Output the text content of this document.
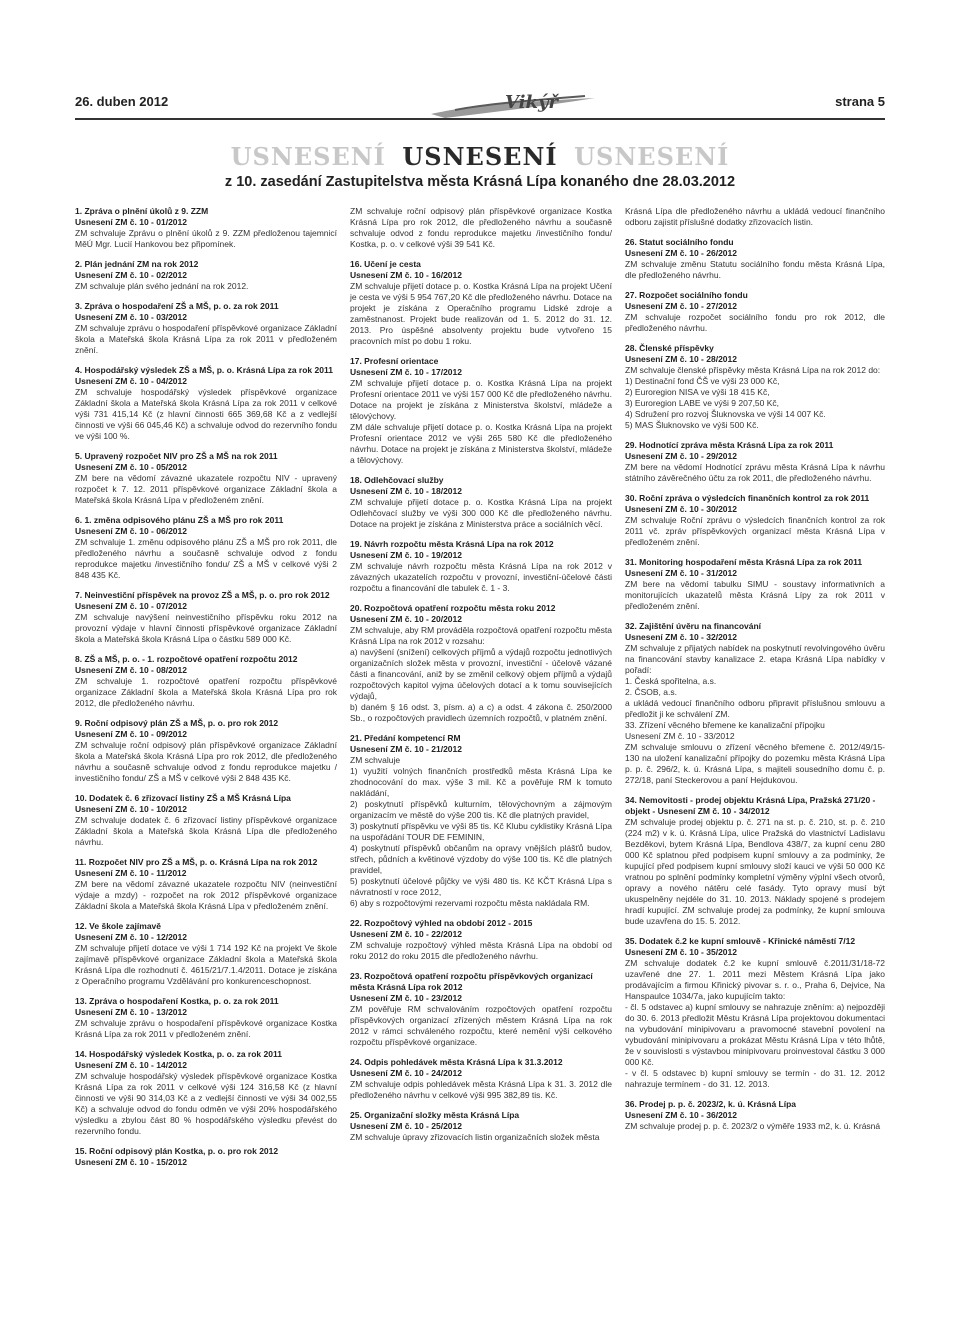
26. duben 2012	Vikýř	strana 5
USNESENÍ USNESENÍ USNESENÍ
z 10. zasedání Zastupitelstva města Krásná Lípa konaného dne 28.03.2012
1. Zpráva o plnění úkolů z 9. ZZM
Usnesení ZM č. 10 - 01/2012
ZM schvaluje Zprávu o plnění úkolů z 9. ZZM předloženou tajemnicí MěÚ Mgr. Lucií Hankovou bez připomínek.
2. Plán jednání ZM na rok 2012
Usnesení ZM č. 10 - 02/2012
ZM schvaluje plán svého jednání na rok 2012.
3. Zpráva o hospodaření ZŠ a MŠ, p. o. za rok 2011
Usnesení ZM č. 10 - 03/2012
ZM schvaluje zprávu o hospodaření příspěvkové organizace Základní škola a Mateřská škola Krásná Lípa za rok 2011 v předloženém znění.
4. Hospodářský výsledek ZŠ a MŠ, p. o. Krásná Lípa za rok 2011
Usnesení ZM č. 10 - 04/2012
ZM schvaluje hospodářský výsledek příspěvkové organizace Základní škola a Mateřská škola Krásná Lípa za rok 2011 v celkové výši 731 415,14 Kč (z hlavní činnosti 665 369,68 Kč a z vedlejší činnosti ve výši 66 045,46 Kč) a schvaluje odvod do rezervního fondu ve výši 100 %.
5. Upravený rozpočet NIV pro ZŠ a MŠ na rok 2011
Usnesení ZM č. 10 - 05/2012
ZM bere na vědomí závazné ukazatele rozpočtu NIV - upravený rozpočet k 7. 12. 2011 příspěvkové organizace Základní škola a Mateřská škola Krásná Lípa v předloženém znění.
6. 1. změna odpisového plánu ZŠ a MŠ pro rok 2011
Usnesení ZM č. 10 - 06/2012
ZM schvaluje 1. změnu odpisového plánu ZŠ a MŠ pro rok 2011, dle předloženého návrhu a současně schvaluje odvod z fondu reprodukce majetku /investičního fondu/ ZŠ a MŠ v celkové výši 2 848 435 Kč.
7. Neinvestiční příspěvek na provoz ZŠ a MŠ, p. o. pro rok 2012
Usnesení ZM č. 10 - 07/2012
ZM schvaluje navýšení neinvestičního příspěvku roku 2012 na provozní výdaje v hlavní činnosti příspěvkové organizace Základní škola a Mateřská škola Krásná Lípa o částku 589 000 Kč.
8. ZŠ a MŠ, p. o. - 1. rozpočtové opatření rozpočtu 2012
Usnesení ZM č. 10 - 08/2012
ZM schvaluje 1. rozpočtové opatření rozpočtu příspěvkové organizace Základní škola a Mateřská škola Krásná Lípa pro rok 2012, dle předloženého návrhu.
9. Roční odpisový plán ZŠ a MŠ, p. o. pro rok 2012
Usnesení ZM č. 10 - 09/2012
ZM schvaluje roční odpisový plán příspěvkové organizace Základní škola a Mateřská škola Krásná Lípa pro rok 2012, dle předloženého návrhu a současně schvaluje odvod z fondu reprodukce majetku / investičního fondu/ ZŠ a MŠ v celkové výši 2 848 435 Kč.
10. Dodatek č. 6 zřizovací listiny ZŠ a MŠ Krásná Lípa
Usnesení ZM č. 10 - 10/2012
ZM schvaluje dodatek č. 6 zřizovací listiny příspěvkové organizace Základní škola a Mateřská škola Krásná Lípa dle předloženého návrhu.
11. Rozpočet NIV pro ZŠ a MŠ, p. o. Krásná Lípa na rok 2012
Usnesení ZM č. 10 - 11/2012
ZM bere na vědomí závazné ukazatele rozpočtu NIV (neinvestiční výdaje a mzdy) - rozpočet na rok 2012 příspěvkové organizace Základní škola a Mateřská škola Krásná Lípa v předloženém znění.
12. Ve škole zajímavě
Usnesení ZM č. 10 - 12/2012
ZM schvaluje přijetí dotace ve výši 1 714 192 Kč na projekt Ve škole zajímavě příspěvkové organizace Základní škola a Mateřská škola Krásná Lípa dle rozhodnutí č. 4615/21/7.1.4/2011. Dotace je získána z Operačního programu Vzdělávání pro konkurenceschopnost.
13. Zpráva o hospodaření Kostka, p. o. za rok 2011
Usnesení ZM č. 10 - 13/2012
ZM schvaluje zprávu o hospodaření příspěvkové organizace Kostka Krásná Lípa za rok 2011 v předloženém znění.
14. Hospodářský výsledek Kostka, p. o. za rok 2011
Usnesení ZM č. 10 - 14/2012
ZM schvaluje hospodářský výsledek příspěvkové organizace Kostka Krásná Lípa za rok 2011 v celkové výši 124 316,58 Kč (z hlavní činnosti ve výši 90 314,03 Kč a z vedlejší činnosti ve výši 34 002,55 Kč) a schvaluje odvod do fondu odměn ve výši 20% hospodářského výsledku a zbylou část 80 % hospodářského výsledku převést do rezervního fondu.
15. Roční odpisový plán Kostka, p. o. pro rok 2012
Usnesení ZM č. 10 - 15/2012
ZM schvaluje roční odpisový plán příspěvkové organizace Kostka Krásná Lípa pro rok 2012, dle předloženého návrhu a současně schvaluje odvod z fondu reprodukce majetku /investičního fondu/ Kostka, p. o. v celkové výši 39 541 Kč.
16. Učení je cesta
Usnesení ZM č. 10 - 16/2012
ZM schvaluje přijetí dotace p. o. Kostka Krásná Lípa na projekt Učení je cesta ve výši 5 954 767,20 Kč dle předloženého návrhu. Dotace na projekt je získána z Operačního programu Lidské zdroje a zaměstnanost. Projekt bude realizován od 1. 5. 2012 do 31. 12. 2013. Pro úspěšné absolventy projektu bude vytvořeno 15 pracovních míst po dobu 1 roku.
17. Profesní orientace
Usnesení ZM č. 10 - 17/2012
ZM schvaluje přijetí dotace p. o. Kostka Krásná Lípa na projekt Profesní orientace 2011 ve výši 157 000 Kč dle předloženého návrhu. Dotace na projekt je získána z Ministerstva školství, mládeže a tělovýchovy.
ZM dále schvaluje přijetí dotace p. o. Kostka Krásná Lípa na projekt Profesní orientace 2012 ve výši 265 580 Kč dle předloženého návrhu. Dotace na projekt je získána z Ministerstva školství, mládeže a tělovýchovy.
18. Odlehčovací služby
Usnesení ZM č. 10 - 18/2012
ZM schvaluje přijetí dotace p. o. Kostka Krásná Lípa na projekt Odlehčovací služby ve výši 300 000 Kč dle předloženého návrhu. Dotace na projekt je získána z Ministerstva práce a sociálních věcí.
19. Návrh rozpočtu města Krásná Lípa na rok 2012
Usnesení ZM č. 10 - 19/2012
ZM schvaluje návrh rozpočtu města Krásná Lípa na rok 2012 v závazných ukazatelích rozpočtu v provozní, investiční-účelové části rozpočtu a financování dle tabulek č. 1 - 3.
20. Rozpočtová opatření rozpočtu města roku 2012
Usnesení ZM č. 10 - 20/2012
ZM schvaluje, aby RM prováděla rozpočtová opatření rozpočtu města Krásná Lípa na rok 2012 v rozsahu:
a) navýšení (snížení) celkových příjmů a výdajů rozpočtu jednotlivých organizačních složek města v provozní, investiční - účelově vázané části a financování, aniž by se změnil celkový objem příjmů a výdajů rozpočtových kapitol vyjma účelových dotací a k tomu souvisejících výdajů,
b) daném § 16 odst. 3, písm. a) a c) a odst. 4 zákona č. 250/2000 Sb., o rozpočtových pravidlech územních rozpočtů, v platném znění.
21. Předání kompetencí RM
Usnesení ZM č. 10 - 21/2012
ZM schvaluje
1) využití volných finančních prostředků města Krásná Lípa ke zhodnocování do max. výše 3 mil. Kč a pověřuje RM k tomuto nakládání,
2) poskytnutí příspěvků kulturním, tělovýchovným a zájmovým organizacím ve městě do výše 200 tis. Kč dle platných pravidel,
3) poskytnutí příspěvku ve výši 85 tis. Kč Klubu cyklistiky Krásná Lípa na uspořádání TOUR DE FEMININ,
4) poskytnutí příspěvků občanům na opravy vnějších plášťů budov, střech, půdních a květinové výzdoby do výše 100 tis. Kč dle platných pravidel,
5) poskytnutí účelové půjčky ve výši 480 tis. Kč KČT Krásná Lípa s návratností v roce 2012,
6) aby s rozpočtovými rezervami rozpočtu města nakládala RM.
22. Rozpočtový výhled na období 2012 - 2015
Usnesení ZM č. 10 - 22/2012
ZM schvaluje rozpočtový výhled města Krásná Lípa na období od roku 2012 do roku 2015 dle předloženého návrhu.
23. Rozpočtová opatření rozpočtu příspěvkových organizací města Krásná Lípa rok 2012
Usnesení ZM č. 10 - 23/2012
ZM pověřuje RM schvalováním rozpočtových opatření rozpočtu příspěvkových organizací zřízených městem Krásná Lípa na rok 2012 v rámci schváleného rozpočtu, které nemění výši celkového rozpočtu příspěvkové organizace.
24. Odpis pohledávek města Krásná Lípa k 31.3.2012
Usnesení ZM č. 10 - 24/2012
ZM schvaluje odpis pohledávek města Krásná Lípa k 31. 3. 2012 dle předloženého návrhu v celkové výši 995 382,89 tis. Kč.
25. Organizační složky města Krásná Lípa
Usnesení ZM č. 10 - 25/2012
ZM schvaluje úpravy zřizovacích listin organizačních složek města
Krásná Lípa dle předloženého návrhu a ukládá vedoucí finančního odboru zajistit příslušné dodatky zřizovacích listin.
26. Statut sociálního fondu
Usnesení ZM č. 10 - 26/2012
ZM schvaluje změnu Statutu sociálního fondu města Krásná Lípa, dle předloženého návrhu.
27. Rozpočet sociálního fondu
Usnesení ZM č. 10 - 27/2012
ZM schvaluje rozpočet sociálního fondu pro rok 2012, dle předloženého návrhu.
28. Členské příspěvky
Usnesení ZM č. 10 - 28/2012
ZM schvaluje členské příspěvky města Krásná Lípa na rok 2012 do:
1) Destinační fond ČŠ ve výši 23 000 Kč,
2) Euroregion NISA ve výši 18 415 Kč,
3) Euroregion LABE ve výši 9 207,50 Kč,
4) Sdružení pro rozvoj Šluknovska ve výši 14 007 Kč.
5) MAS Šluknovsko ve výši 500 Kč.
29. Hodnotící zpráva města Krásná Lípa za rok 2011
Usnesení ZM č. 10 - 29/2012
ZM bere na vědomí Hodnotící zprávu města Krásná Lípa k návrhu státního závěrečného účtu za rok 2011, dle předloženého návrhu.
30. Roční zpráva o výsledcích finančních kontrol za rok 2011
Usnesení ZM č. 10 - 30/2012
ZM schvaluje Roční zprávu o výsledcích finančních kontrol za rok 2011 vč. zpráv příspěvkových organizací města Krásná Lípa v předloženém znění.
31. Monitoring hospodaření města Krásná Lípa za rok 2011
Usnesení ZM č. 10 - 31/2012
ZM bere na vědomí tabulku SIMU - soustavy informativních a monitorujících ukazatelů města Krásná Lípy za rok 2011 v předloženém znění.
32. Zajištění úvěru na financování
Usnesení ZM č. 10 - 32/2012
ZM schvaluje z přijatých nabídek na poskytnutí revolvingového úvěru na financování stavby kanalizace 2. etapa Krásná Lípa nabídky v pořadí:
1. Česká spořitelna, a.s.
2. ČSOB, a.s.
a ukládá vedoucí finančního odboru připravit příslušnou smlouvu a předložit ji ke schválení ZM.
33. Zřízení věcného břemene ke kanalizační přípojku
Usnesení ZM č. 10 - 33/2012
ZM schvaluje smlouvu o zřízení věcného břemene č. 2012/49/15-130 na uložení kanalizační přípojky do pozemku města Krásná Lípa p. p. č. 296/2, k. ú. Krásná Lípa, s majiteli sousedního domu č. p. 272/18, paní Steckerovou a paní Hejdukovou.
34. Nemovitosti - prodej objektu Krásná Lípa, Pražská 271/20 - objekt - Usnesení ZM č. 10 - 34/2012
ZM schvaluje prodej objektu p. č. 271 na st. p. č. 210, st. p. č. 210 (224 m2) v k. ú. Krásná Lípa, ulice Pražská do vlastnictví Ladislavu Bezděkovi, bytem Krásná Lípa, Bendlova 438/7, za kupní cenu 280 000 Kč splatnou před podpisem kupní smlouvy a za podmínky, že kupující před podpisem kupní smlouvy složí kauci ve výši 50 000 Kč vratnou po splnění podmínky kompletní výměny výplní všech otvorů, opravy a nového nátěru celé fasády. Tyto opravy musí být ukuspelněny nejdéle do 31. 10. 2013. Náklady spojené s prodejem hradí kupující. ZM schvaluje prodej za podmínky, že kupní smlouva bude uzavřena do 15. 5. 2012.
35. Dodatek č.2 ke kupní smlouvě - Křinické náměstí 7/12
Usnesení ZM č. 10 - 35/2012
ZM schvaluje dodatek č.2 ke kupní smlouvě č.2011/31/18-72 uzavřené dne 27. 1. 2011 mezi Městem Krásná Lípa jako prodávajícím a firmou Křinický pivovar s. r. o., Praha 6, Dejvice, Na Hanspaulce 1034/7a, jako kupujícím takto:
- čl. 5 odstavec a) kupní smlouvy se nahrazuje zněním: a) nejpozději do 30. 6. 2013 předložit Městu Krásná Lípa projektovou dokumentaci na vybudování minipivovaru a pravomocné stavební povolení na vybudování minipivovaru a prokázat Městu Krásná Lípa v této lhůtě, že v souvislosti s výstavbou minipivovaru proinvestoval částku 3 000 000 Kč.
- v čl. 5 odstavec b) kupní smlouvy se termín - do 31. 12. 2012 nahrazuje termínem - do 31. 12. 2013.
36. Prodej p. p. č. 2023/2, k. ú. Krásná Lípa
Usnesení ZM č. 10 - 36/2012
ZM schvaluje prodej p. p. č. 2023/2 o výměře 1933 m2, k. ú. Krásná
